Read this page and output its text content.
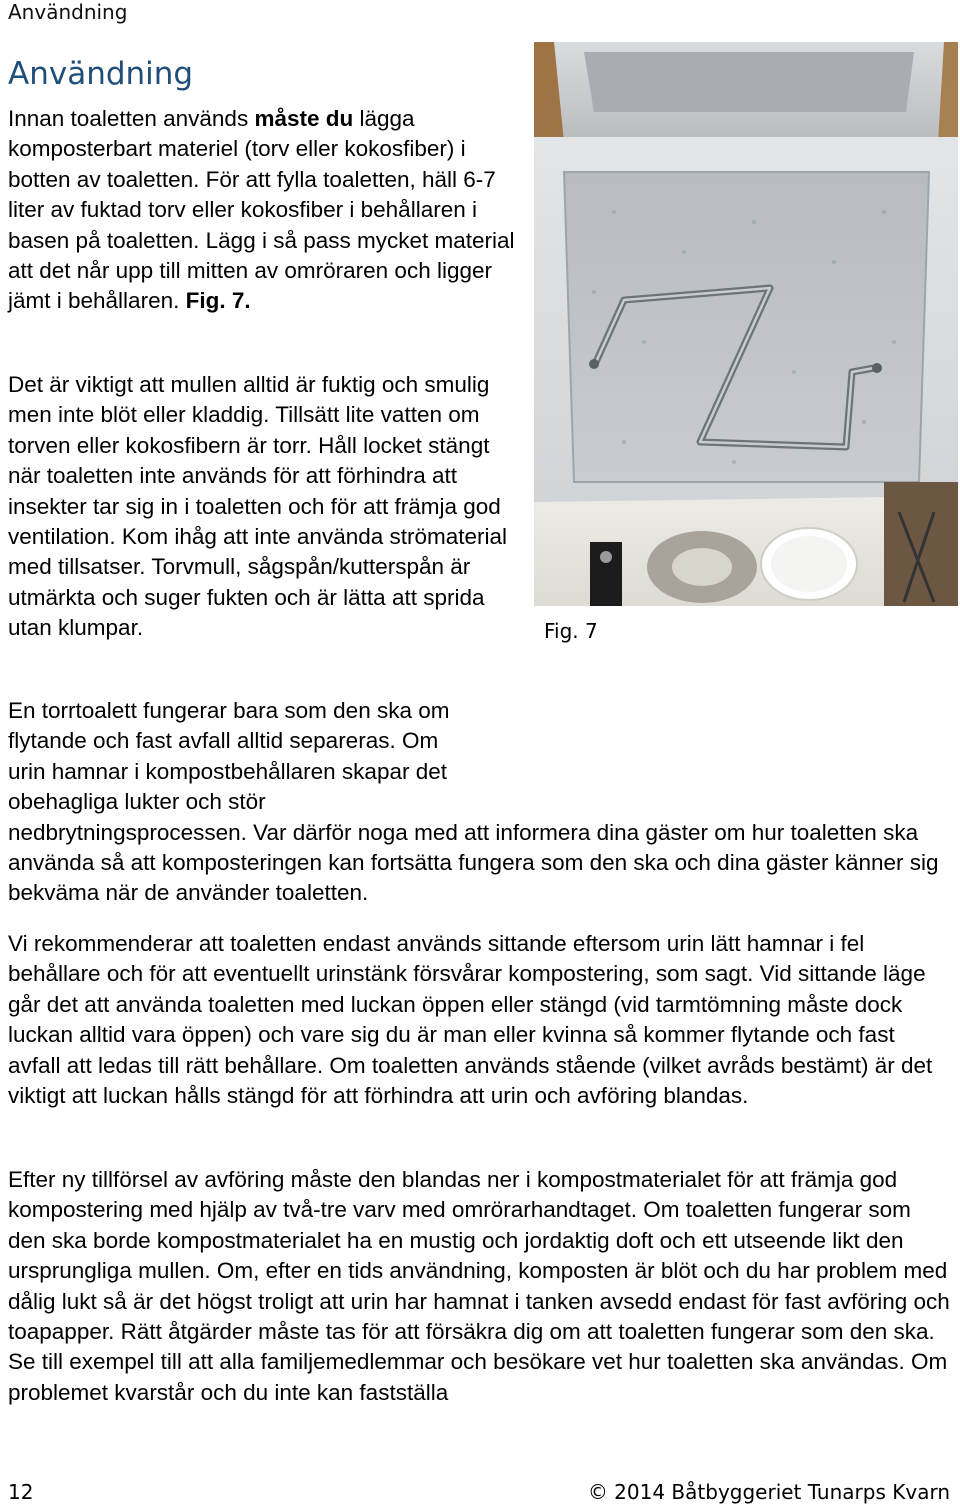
Användning
Användning

Innan toaletten används måste du lägga komposterbart materiel (torv eller kokosfiber) i botten av toaletten. För att fylla toaletten, häll 6-7 liter av fuktad torv eller kokosfiber i behållaren i basen på toaletten. Lägg i så pass mycket material att det når upp till mitten av omröraren och ligger jämt i behållaren. Fig. 7.

Det är viktigt att mullen alltid är fuktig och smulig men inte blöt eller kladdig. Tillsätt lite vatten om torven eller kokosfibern är torr. Håll locket stängt när toaletten inte används för att förhindra att insekter tar sig in i toaletten och för att främja god ventilation. Kom ihåg att inte använda strömaterial med tillsatser. Torvmull, sågspån/kutterspån är utmärkta och suger fukten och är lätta att sprida utan klumpar.	Fig. 7

En torrtoalett fungerar bara som den ska om
flytande och fast avfall alltid separeras. Om
urin hamnar i kompostbehållaren skapar det
obehagliga lukter och stör
nedbrytningsprocessen. Var därför noga med att informera dina gäster om hur toaletten ska använda så att komposteringen kan fortsätta fungera som den ska och dina gäster känner sig bekväma när de använder toaletten.

Vi rekommenderar att toaletten endast används sittande eftersom urin lätt hamnar i fel behållare och för att eventuellt urinstänk försvårar kompostering, som sagt. Vid sittande läge går det att använda toaletten med luckan öppen eller stängd (vid tarmtömning måste dock luckan alltid vara öppen) och vare sig du är man eller kvinna så kommer flytande och fast avfall att ledas till rätt behållare. Om toaletten används stående (vilket avråds bestämt) är det viktigt att luckan hålls stängd för att förhindra att urin och avföring blandas.

Efter ny tillförsel av avföring måste den blandas ner i kompostmaterialet för att främja god kompostering med hjälp av två-tre varv med omrörarhandtaget. Om toaletten fungerar som den ska borde kompostmaterialet ha en mustig och jordaktig doft och ett utseende likt den ursprungliga mullen. Om, efter en tids användning, komposten är blöt och du har problem med dålig lukt så är det högst troligt att urin har hamnat i tanken avsedd endast för fast avföring och toapapper. Rätt åtgärder måste tas för att försäkra dig om att toaletten fungerar som den ska. Se till exempel till att alla familjemedlemmar och besökare vet hur toaletten ska användas. Om problemet kvarstår och du inte kan fastställa

12	© 2014 Båtbyggeriet Tunarps Kvarn
